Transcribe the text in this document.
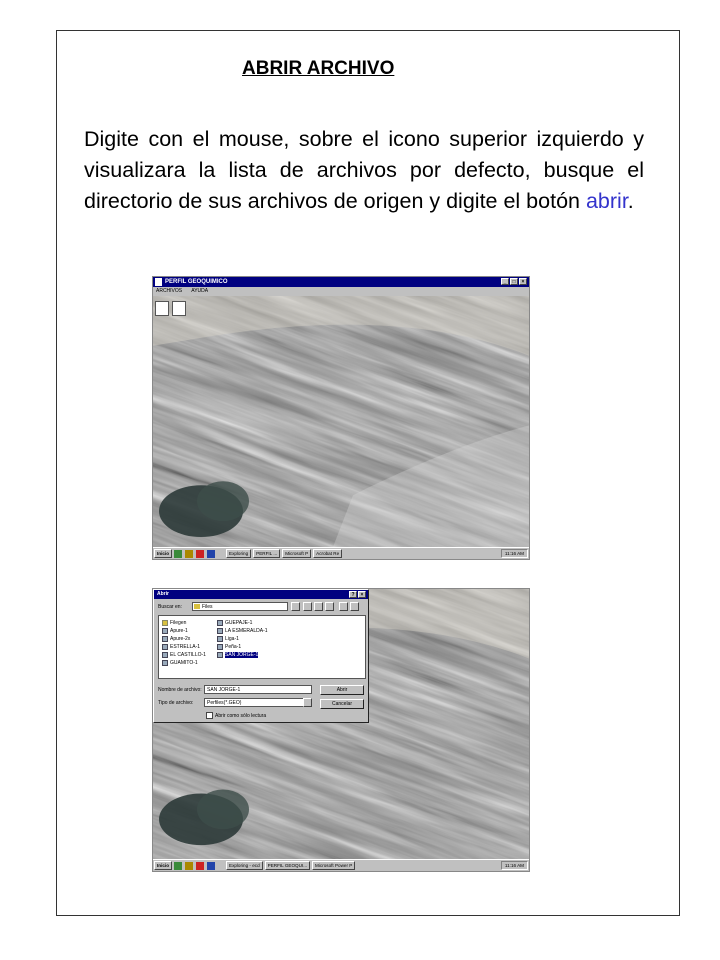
ABRIR ARCHIVO

Digite con el mouse, sobre el icono superior izquierdo y visualizara la lista de archivos por defecto, busque el directorio de sus archivos de origen y digite el botón abrir.

PERFIL GEOQUIMICO	_	□	×
ARCHIVOS AYUDA
Inicio	Exploring	PERFIL ...	Microsoft P	Acrobat Re	11:16 AM
Abrir	?	×
Buscar en:	Files
Filegen
Apure-1
Apure-2x
ESTRELLA-1
EL CASTILLO-1
GUAMITO-1
GUEPAJE-1
LA ESMERALDA-1
Liga-1
Peña-1
SAN JORGE-1
Nombre de archivo:	SAN JORGE-1
Tipo de archivo:	Perfiles(*.GEO)
Abrir
Cancelar
Abrir como sólo lectura
Inicio	Exploring - ecd	PERFIL GEOQUI...	Microsoft Power P	11:16 AM
